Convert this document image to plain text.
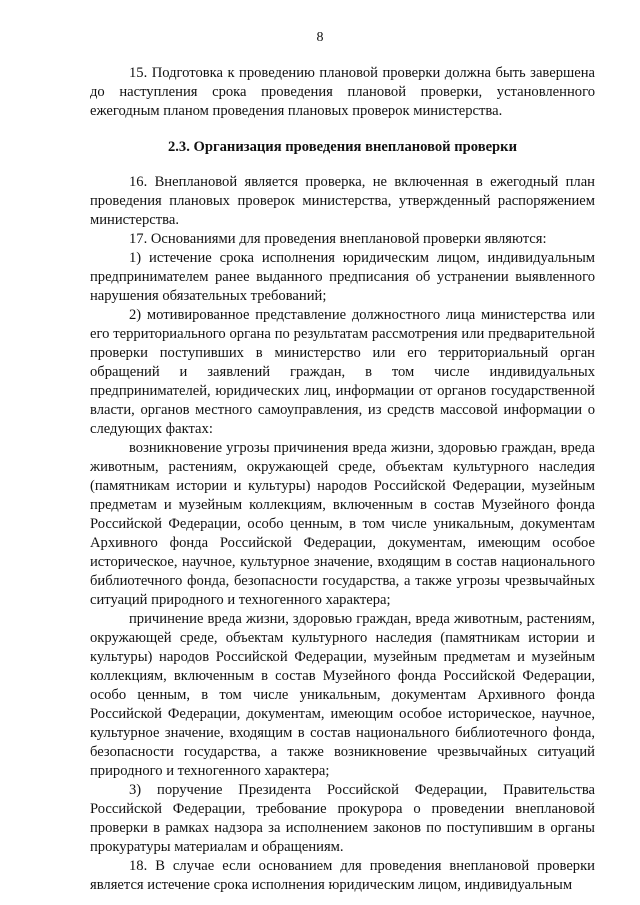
8

15. Подготовка к проведению плановой проверки должна быть завершена до наступления срока проведения плановой проверки, установленного ежегодным планом проведения плановых проверок министерства.

2.3. Организация проведения внеплановой проверки

16. Внеплановой является проверка, не включенная в ежегодный план проведения плановых проверок министерства, утвержденный распоряжением министерства.

17. Основаниями для проведения внеплановой проверки являются:

1) истечение срока исполнения юридическим лицом, индивидуальным предпринимателем ранее выданного предписания об устранении выявленного нарушения обязательных требований;

2) мотивированное представление должностного лица министерства или его территориального органа по результатам рассмотрения или предварительной проверки поступивших в министерство или его территориальный орган обращений и заявлений граждан, в том числе индивидуальных предпринимателей, юридических лиц, информации от органов государственной власти, органов местного самоуправления, из средств массовой информации о следующих фактах:

возникновение угрозы причинения вреда жизни, здоровью граждан, вреда животным, растениям, окружающей среде, объектам культурного наследия (памятникам истории и культуры) народов Российской Федерации, музейным предметам и музейным коллекциям, включенным в состав Музейного фонда Российской Федерации, особо ценным, в том числе уникальным, документам Архивного фонда Российской Федерации, документам, имеющим особое историческое, научное, культурное значение, входящим в состав национального библиотечного фонда, безопасности государства, а также угрозы чрезвычайных ситуаций природного и техногенного характера;

причинение вреда жизни, здоровью граждан, вреда животным, растениям, окружающей среде, объектам культурного наследия (памятникам истории и культуры) народов Российской Федерации, музейным предметам и музейным коллекциям, включенным в состав Музейного фонда Российской Федерации, особо ценным, в том числе уникальным, документам Архивного фонда Российской Федерации, документам, имеющим особое историческое, научное, культурное значение, входящим в состав национального библиотечного фонда, безопасности государства, а также возникновение чрезвычайных ситуаций природного и техногенного характера;

3) поручение Президента Российской Федерации, Правительства Российской Федерации, требование прокурора о проведении внеплановой проверки в рамках надзора за исполнением законов по поступившим в органы прокуратуры материалам и обращениям.

18. В случае если основанием для проведения внеплановой проверки является истечение срока исполнения юридическим лицом, индивидуальным
